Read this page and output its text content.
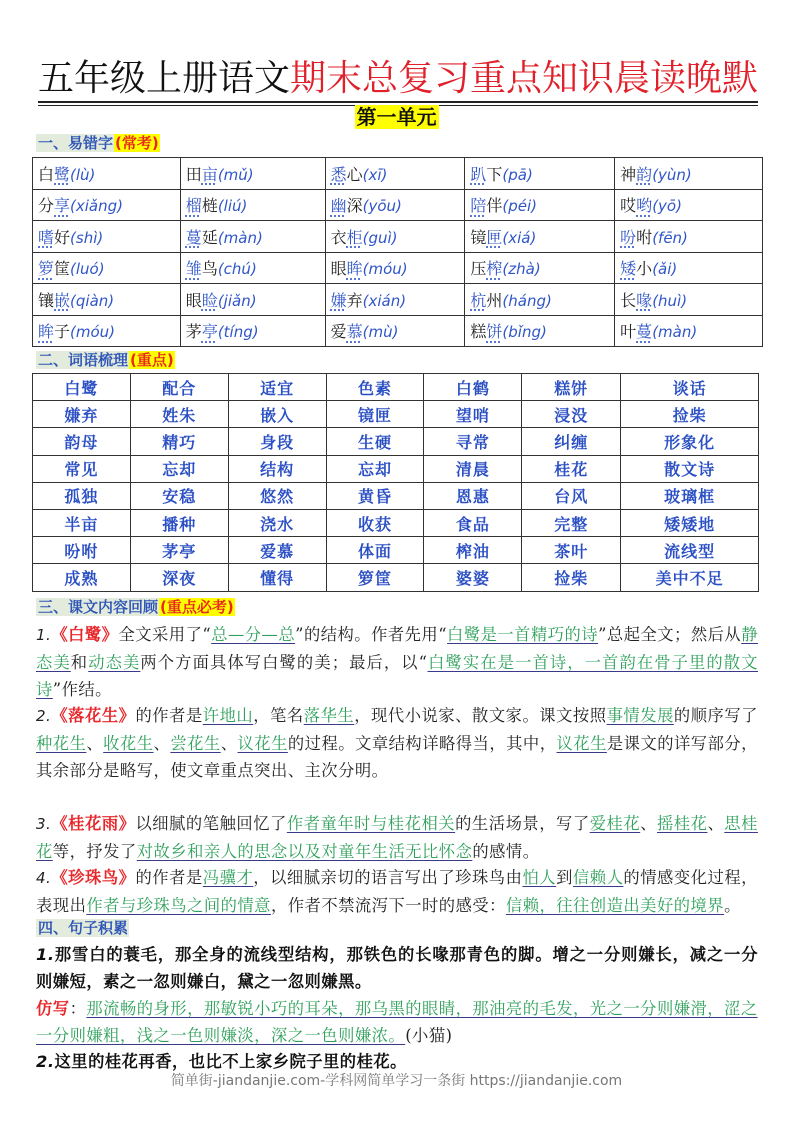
五年级上册语文期末总复习重点知识晨读晚默
第一单元
一、易错字 (常考)
白鹭(lù)	田亩(mǔ)	悉心(xī)	趴下(pā)	神韵(yùn)
分享(xiǎng)	榴梿(liú)	幽深(yōu)	陪伴(péi)	哎哟(yō)
嗜好(shì)	蔓延(màn)	衣柜(guì)	镜匣(xiá)	吩咐(fēn)
箩筐(luó)	雏鸟(chú)	眼眸(móu)	压榨(zhà)	矮小(ǎi)
镶嵌(qiàn)	眼睑(jiǎn)	嫌弃(xián)	杭州(háng)	长喙(huì)
眸子(móu)	茅亭(tíng)	爱慕(mù)	糕饼(bǐng)	叶蔓(màn)
二、词语梳理 (重点)
白鹭	配合	适宜	色素	白鹤	糕饼	谈话
嫌弃	姓朱	嵌入	镜匣	望哨	浸没	捡柴
韵母	精巧	身段	生硬	寻常	纠缠	形象化
常见	忘却	结构	忘却	清晨	桂花	散文诗
孤独	安稳	悠然	黄昏	恩惠	台风	玻璃框
半亩	播种	浇水	收获	食品	完整	矮矮地
吩咐	茅亭	爱慕	体面	榨油	茶叶	流线型
成熟	深夜	懂得	箩筐	婆婆	捡柴	美中不足
三、课文内容回顾 (重点必考)
1.《白鹭》全文采用了“总—分—总”的结构。作者先用“白鹭是一首精巧的诗”总起全文；然后从静态美和动态美两个方面具体写白鹭的美；最后，以“白鹭实在是一首诗，一首韵在骨子里的散文诗”作结。
2.《落花生》的作者是许地山，笔名落华生，现代小说家、散文家。课文按照事情发展的顺序写了种花生、收花生、尝花生、议花生的过程。文章结构详略得当，其中，议花生是课文的详写部分，其余部分是略写，使文章重点突出、主次分明。
3.《桂花雨》以细腻的笔触回忆了作者童年时与桂花相关的生活场景，写了爱桂花、摇桂花、思桂花等，抒发了对故乡和亲人的思念以及对童年生活无比怀念的感情。
4.《珍珠鸟》的作者是冯骥才，以细腻亲切的语言写出了珍珠鸟由怕人到信赖人的情感变化过程，表现出作者与珍珠鸟之间的情意，作者不禁流泻下一时的感受：信赖，往往创造出美好的境界。
四、句子积累
1.那雪白的蓑毛，那全身的流线型结构，那铁色的长喙那青色的脚。增之一分则嫌长，减之一分则嫌短，素之一忽则嫌白，黛之一忽则嫌黑。
仿写：那流畅的身形，那敏锐小巧的耳朵，那乌黑的眼睛，那油亮的毛发，光之一分则嫌滑，涩之一分则嫌粗，浅之一色则嫌淡，深之一色则嫌浓。(小猫)
2.这里的桂花再香，也比不上家乡院子里的桂花。
简单街-jiandanjie.com-学科网简单学习一条街 https://jiandanjie.com
